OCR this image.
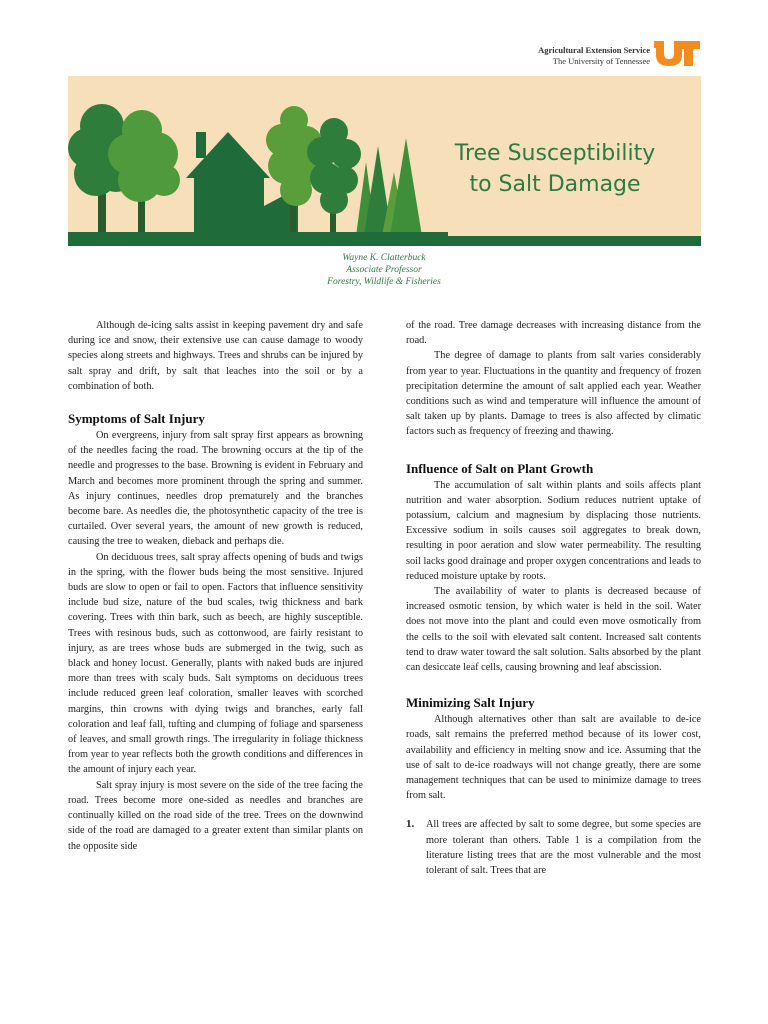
Agricultural Extension Service
The University of Tennessee
Tree Susceptibility
to Salt Damage
Wayne K. Clatterbuck
Associate Professor
Forestry, Wildlife & Fisheries

Although de-icing salts assist in keeping pavement dry and safe during ice and snow, their extensive use can cause damage to woody species along streets and highways. Trees and shrubs can be injured by salt spray and drift, by salt that leaches into the soil or by a combination of both.

Symptoms of Salt Injury

On evergreens, injury from salt spray first appears as browning of the needles facing the road. The browning occurs at the tip of the needle and progresses to the base. Browning is evident in February and March and becomes more prominent through the spring and summer. As injury continues, needles drop prematurely and the branches become bare. As needles die, the photosynthetic capacity of the tree is curtailed. Over several years, the amount of new growth is reduced, causing the tree to weaken, dieback and perhaps die.

On deciduous trees, salt spray affects opening of buds and twigs in the spring, with the flower buds being the most sensitive. Injured buds are slow to open or fail to open. Factors that influence sensitivity include bud size, nature of the bud scales, twig thickness and bark covering. Trees with thin bark, such as beech, are highly susceptible. Trees with resinous buds, such as cottonwood, are fairly resistant to injury, as are trees whose buds are submerged in the twig, such as black and honey locust. Generally, plants with naked buds are injured more than trees with scaly buds. Salt symptoms on deciduous trees include reduced green leaf coloration, smaller leaves with scorched margins, thin crowns with dying twigs and branches, early fall coloration and leaf fall, tufting and clumping of foliage and sparseness of leaves, and small growth rings. The irregularity in foliage thickness from year to year reflects both the growth conditions and differences in the amount of injury each year.

Salt spray injury is most severe on the side of the tree facing the road. Trees become more one-sided as needles and branches are continually killed on the road side of the tree. Trees on the downwind side of the road are damaged to a greater extent than similar plants on the opposite side

of the road. Tree damage decreases with increasing distance from the road.

The degree of damage to plants from salt varies considerably from year to year. Fluctuations in the quantity and frequency of frozen precipitation determine the amount of salt applied each year. Weather conditions such as wind and temperature will influence the amount of salt taken up by plants. Damage to trees is also affected by climatic factors such as frequency of freezing and thawing.

Influence of Salt on Plant Growth

The accumulation of salt within plants and soils affects plant nutrition and water absorption. Sodium reduces nutrient uptake of potassium, calcium and magnesium by displacing those nutrients. Excessive sodium in soils causes soil aggregates to break down, resulting in poor aeration and slow water permeability. The resulting soil lacks good drainage and proper oxygen concentrations and leads to reduced moisture uptake by roots.

The availability of water to plants is decreased because of increased osmotic tension, by which water is held in the soil. Water does not move into the plant and could even move osmotically from the cells to the soil with elevated salt content. Increased salt contents tend to draw water toward the salt solution. Salts absorbed by the plant can desiccate leaf cells, causing browning and leaf abscission.

Minimizing Salt Injury

Although alternatives other than salt are available to de-ice roads, salt remains the preferred method because of its lower cost, availability and efficiency in melting snow and ice. Assuming that the use of salt to de-ice roadways will not change greatly, there are some management techniques that can be used to minimize damage to trees from salt.

1.	All trees are affected by salt to some degree, but some species are more tolerant than others. Table 1 is a compilation from the literature listing trees that are the most vulnerable and the most tolerant of salt. Trees that are
